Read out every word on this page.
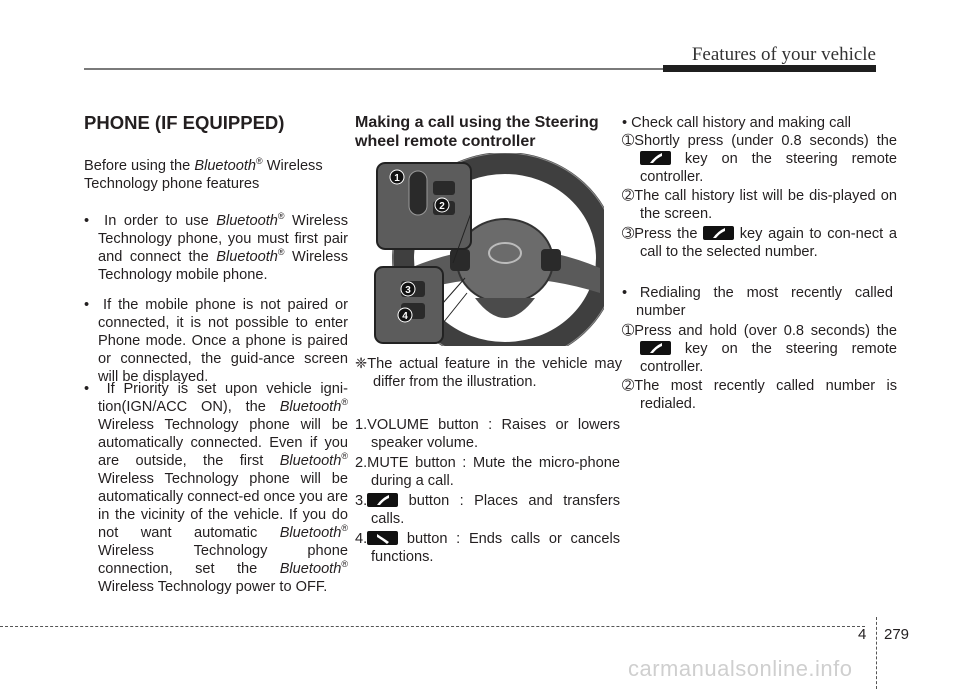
Features of your vehicle

PHONE (IF EQUIPPED)

Before using the Bluetooth® Wireless Technology phone features

•  In order to use Bluetooth® Wireless Technology phone, you must first pair and connect the Bluetooth® Wireless Technology mobile phone.

•  If the mobile phone is not paired or connected, it is not possible to enter Phone mode. Once a phone is paired or connected, the guid-ance screen will be displayed.

•  If Priority is set upon vehicle igni-tion(IGN/ACC ON), the Bluetooth® Wireless Technology phone will be automatically connected. Even if you are outside, the first Bluetooth® Wireless Technology phone will be automatically connect-ed once you are in the vicinity of the vehicle. If you do not want automatic Bluetooth® Wireless Technology phone connection, set the Bluetooth® Wireless Technology power to OFF.

Making a call using the Steering wheel remote controller

1
2
3
4

❈The actual feature in the vehicle may differ from the illustration.

1.VOLUME button : Raises or lowers speaker volume.

2.MUTE button : Mute the micro-phone during a call.

3.
button : Places and transfers calls.

4.
button : Ends calls or cancels functions.

• Check call history and making call

➀Shortly press (under 0.8 seconds) the
key on the steering remote controller.

➁The call history list will be dis-played on the screen.

➂Press the
key again to con-nect a call to the selected number.

• Redialing the most recently called number

➀Press and hold (over 0.8 seconds) the
key on the steering remote controller.

➁The most recently called number is redialed.

4 279
carmanualsonline.info
